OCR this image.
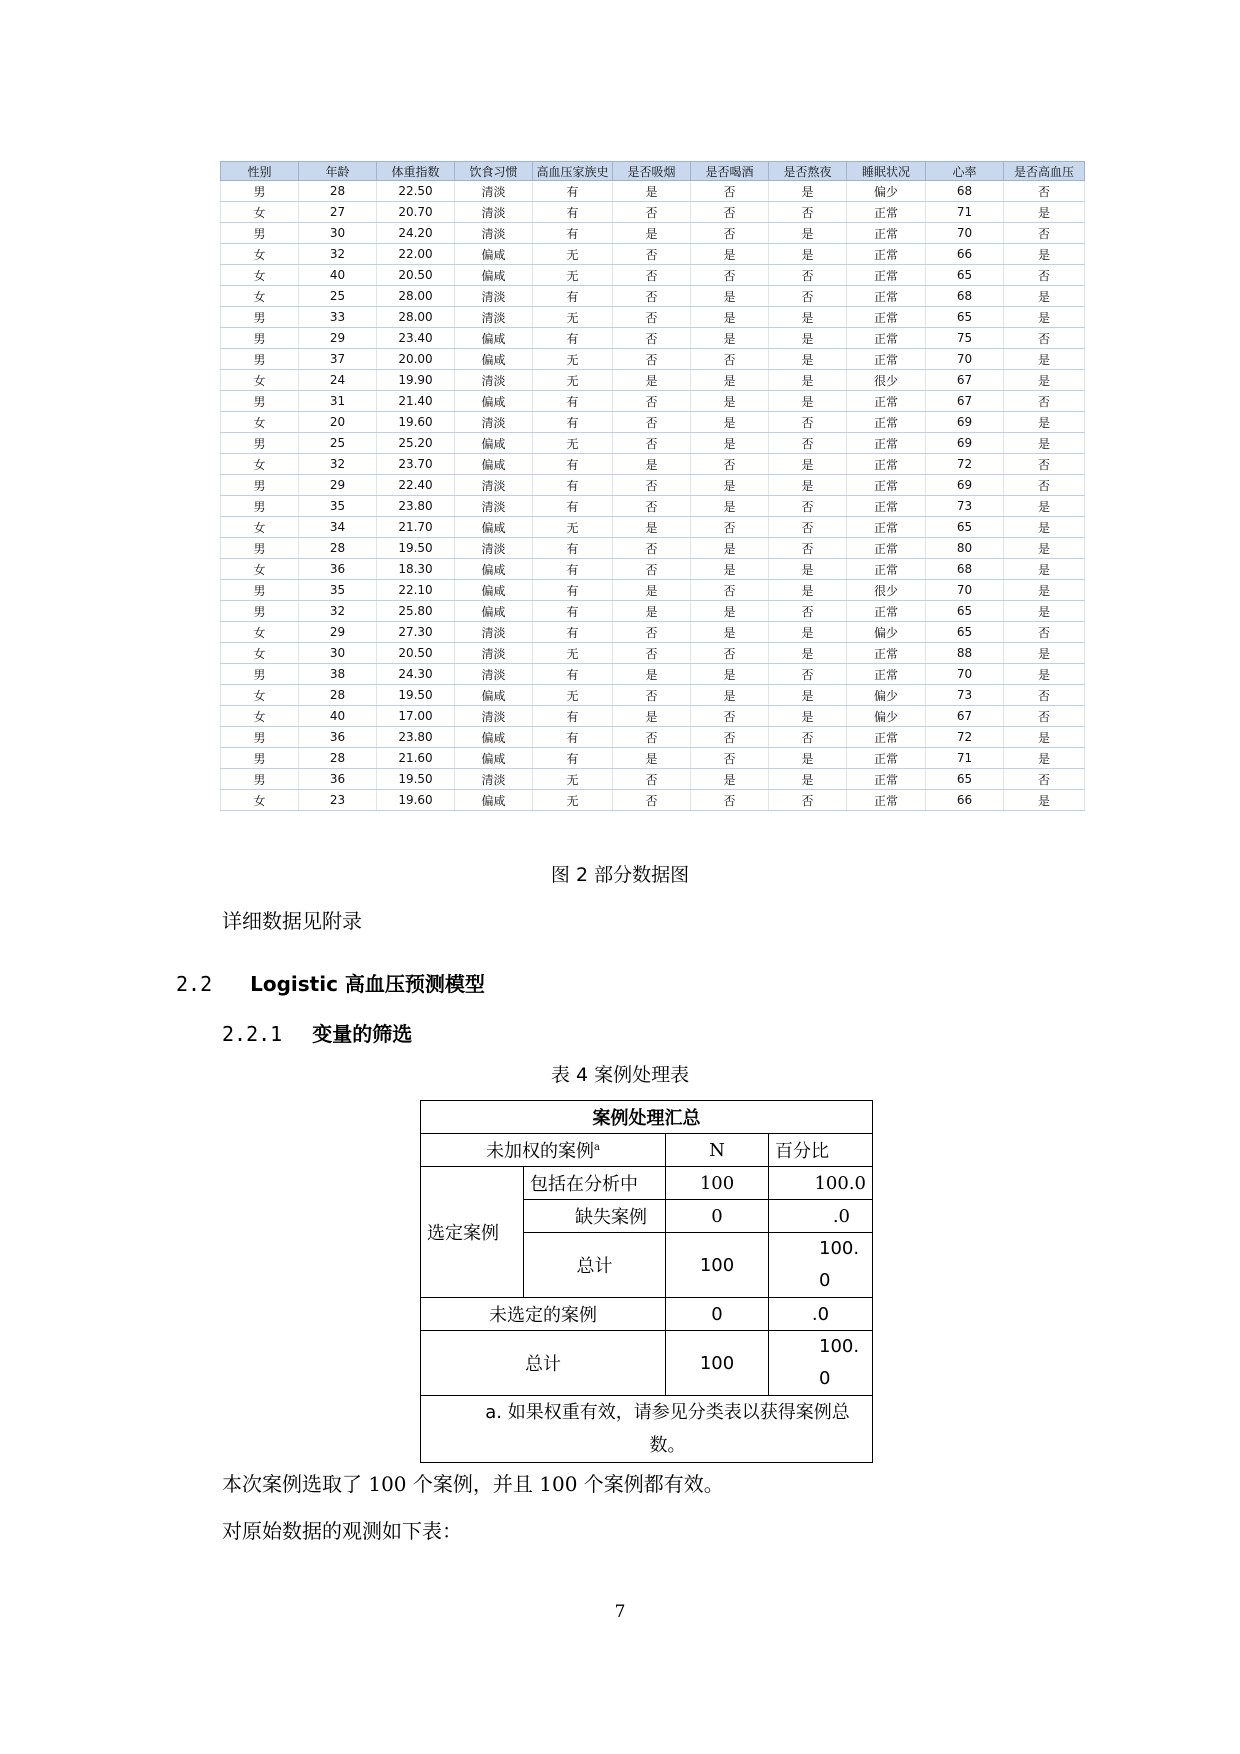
性别	年龄	体重指数	饮食习惯	高血压家族史	是否吸烟	是否喝酒	是否熬夜	睡眠状况	心率	是否高血压
男	28	22.50	清淡	有	是	否	是	偏少	68	否
女	27	20.70	清淡	有	否	否	否	正常	71	是
男	30	24.20	清淡	有	是	否	是	正常	70	否
女	32	22.00	偏咸	无	否	是	是	正常	66	是
女	40	20.50	偏咸	无	否	否	否	正常	65	否
女	25	28.00	清淡	有	否	是	否	正常	68	是
男	33	28.00	清淡	无	否	是	是	正常	65	是
男	29	23.40	偏咸	有	否	是	是	正常	75	否
男	37	20.00	偏咸	无	否	否	是	正常	70	是
女	24	19.90	清淡	无	是	是	是	很少	67	是
男	31	21.40	偏咸	有	否	是	是	正常	67	否
女	20	19.60	清淡	有	否	是	否	正常	69	是
男	25	25.20	偏咸	无	否	是	否	正常	69	是
女	32	23.70	偏咸	有	是	否	是	正常	72	否
男	29	22.40	清淡	有	否	是	是	正常	69	否
男	35	23.80	清淡	有	否	是	否	正常	73	是
女	34	21.70	偏咸	无	是	否	否	正常	65	是
男	28	19.50	清淡	有	否	是	否	正常	80	是
女	36	18.30	偏咸	有	否	是	是	正常	68	是
男	35	22.10	偏咸	有	是	否	是	很少	70	是
男	32	25.80	偏咸	有	是	是	否	正常	65	是
女	29	27.30	清淡	有	否	是	是	偏少	65	否
女	30	20.50	清淡	无	否	否	是	正常	88	是
男	38	24.30	清淡	有	是	是	否	正常	70	是
女	28	19.50	偏咸	无	否	是	是	偏少	73	否
女	40	17.00	清淡	有	是	否	是	偏少	67	否
男	36	23.80	偏咸	有	否	否	否	正常	72	是
男	28	21.60	偏咸	有	是	否	是	正常	71	是
男	36	19.50	清淡	无	否	是	是	正常	65	否
女	23	19.60	偏咸	无	否	否	否	正常	66	是
图 2 部分数据图
详细数据见附录
2.2 Logistic 高血压预测模型
2.2.1 变量的筛选
表 4 案例处理表
案例处理汇总			
未加权的案例$^a$		N	百分比
选定案例	包括在分析中	100	100.0
	缺失案例	0	.0
	总计	100	100.
0

未选定的案例		0	.0
总计		100	100.
0

a. 如果权重有效，请参见分类表以获得案例总
数。			
本次案例选取了 100 个案例，并且 100 个案例都有效。
对原始数据的观测如下表：
7
